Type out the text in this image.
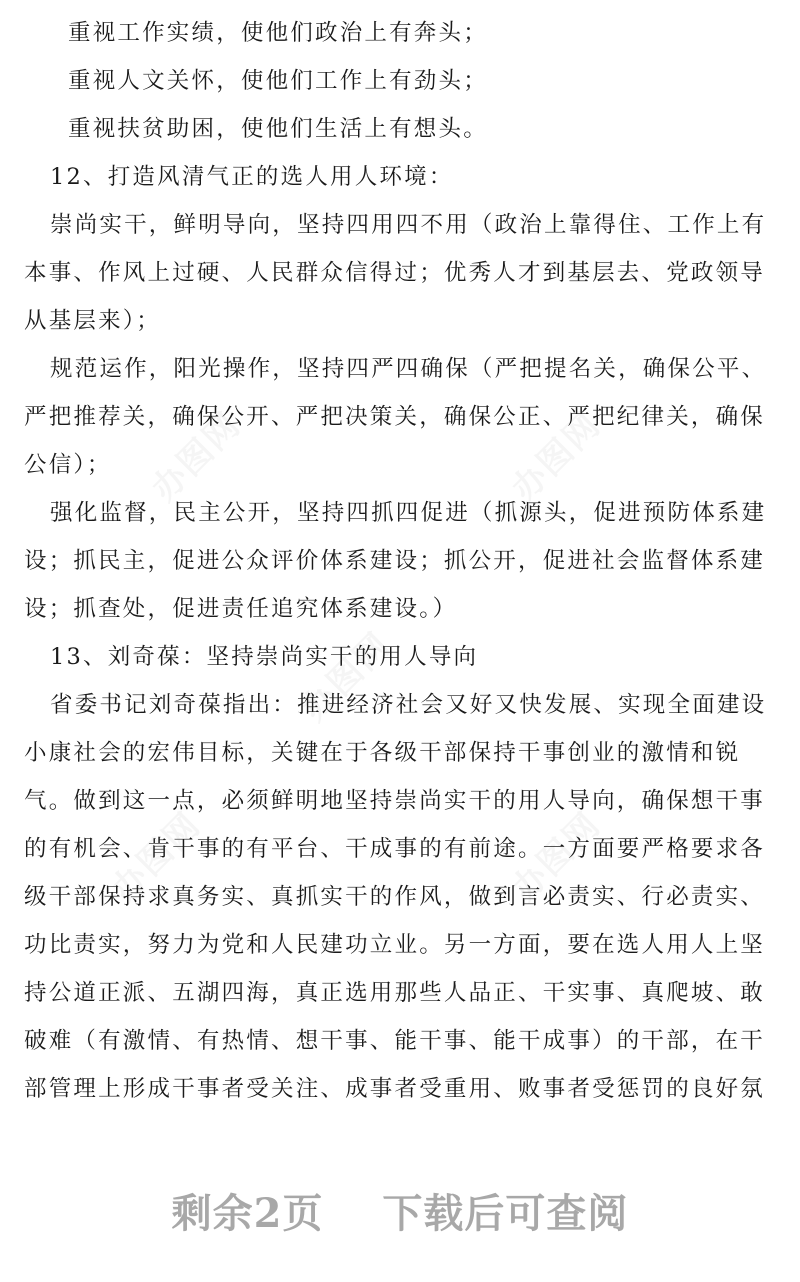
办图网	办图网
办图网
办图网	办图网
重视工作实绩，使他们政治上有奔头；
重视人文关怀，使他们工作上有劲头；
重视扶贫助困，使他们生活上有想头。
12、打造风清气正的选人用人环境：
崇尚实干，鲜明导向，坚持四用四不用（政治上靠得住、工作上有
本事、作风上过硬、人民群众信得过；优秀人才到基层去、党政领导
从基层来）；
规范运作，阳光操作，坚持四严四确保（严把提名关，确保公平、
严把推荐关，确保公开、严把决策关，确保公正、严把纪律关，确保
公信）；
强化监督，民主公开，坚持四抓四促进（抓源头，促进预防体系建
设；抓民主，促进公众评价体系建设；抓公开，促进社会监督体系建
设；抓查处，促进责任追究体系建设。）
13、刘奇葆：坚持崇尚实干的用人导向
省委书记刘奇葆指出：推进经济社会又好又快发展、实现全面建设
小康社会的宏伟目标，关键在于各级干部保持干事创业的激情和锐
气。做到这一点，必须鲜明地坚持崇尚实干的用人导向，确保想干事
的有机会、肯干事的有平台、干成事的有前途。一方面要严格要求各
级干部保持求真务实、真抓实干的作风，做到言必责实、行必责实、
功比责实，努力为党和人民建功立业。另一方面，要在选人用人上坚
持公道正派、五湖四海，真正选用那些人品正、干实事、真爬坡、敢
破难（有激情、有热情、想干事、能干事、能干成事）的干部，在干
部管理上形成干事者受关注、成事者受重用、败事者受惩罚的良好氛
剩余2页 下载后可查阅
